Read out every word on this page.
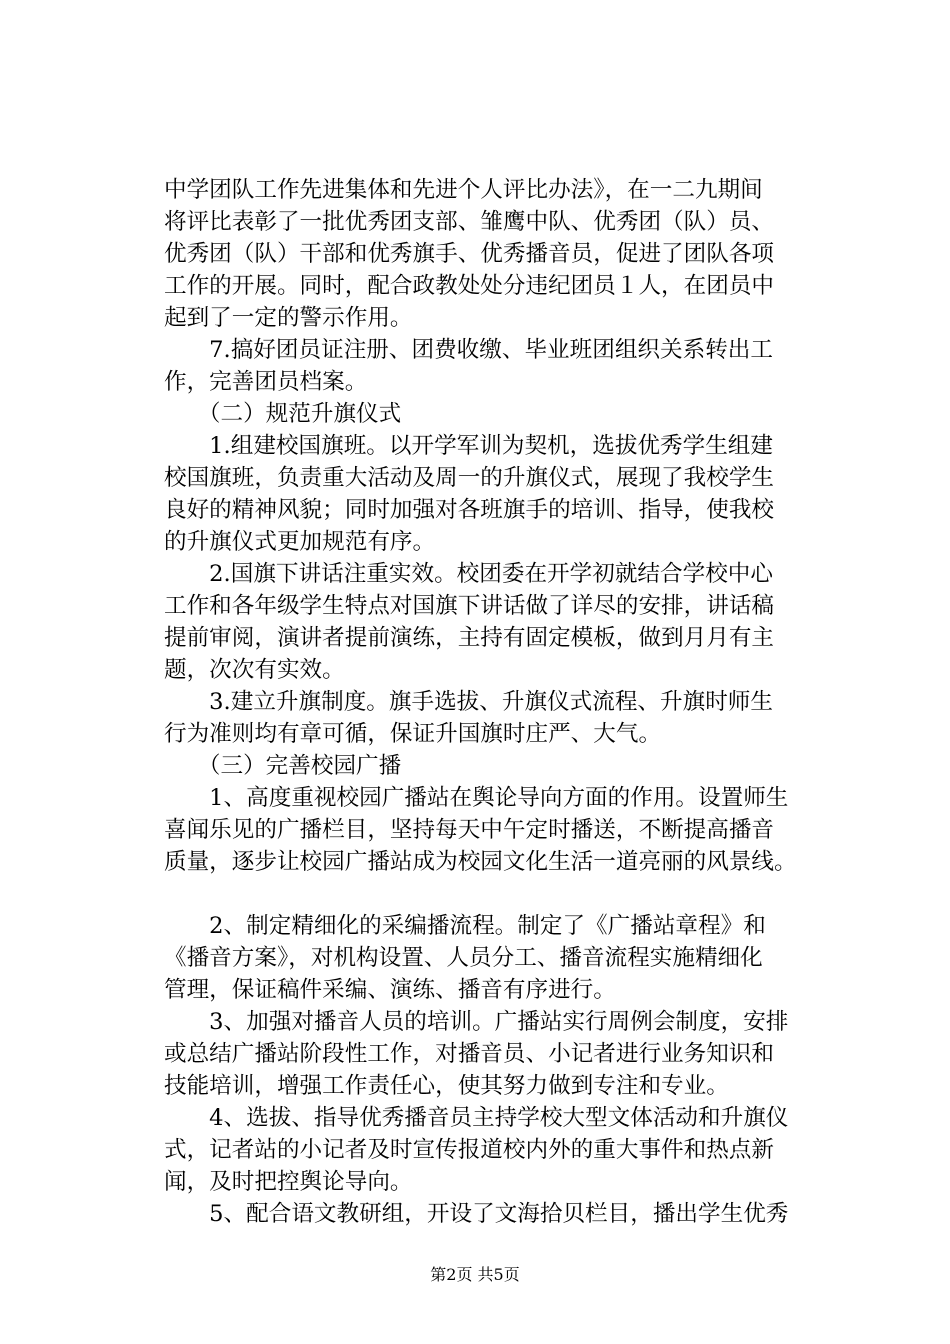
中学团队工作先进集体和先进个人评比办法》，在一二九期间
将评比表彰了一批优秀团支部、雏鹰中队、优秀团（队）员、
优秀团（队）干部和优秀旗手、优秀播音员，促进了团队各项
工作的开展。同时，配合政教处处分违纪团员１人，在团员中
起到了一定的警示作用。
　　7.搞好团员证注册、团费收缴、毕业班团组织关系转出工
作，完善团员档案。
　　（二）规范升旗仪式
　　1.组建校国旗班。以开学军训为契机，选拔优秀学生组建
校国旗班，负责重大活动及周一的升旗仪式，展现了我校学生
良好的精神风貌；同时加强对各班旗手的培训、指导，使我校
的升旗仪式更加规范有序。
　　2.国旗下讲话注重实效。校团委在开学初就结合学校中心
工作和各年级学生特点对国旗下讲话做了详尽的安排，讲话稿
提前审阅，演讲者提前演练，主持有固定模板，做到月月有主
题，次次有实效。
　　3.建立升旗制度。旗手选拔、升旗仪式流程、升旗时师生
行为准则均有章可循，保证升国旗时庄严、大气。
　　（三）完善校园广播
　　1、高度重视校园广播站在舆论导向方面的作用。设置师生
喜闻乐见的广播栏目，坚持每天中午定时播送，不断提高播音
质量，逐步让校园广播站成为校园文化生活一道亮丽的风景线。
　　2、制定精细化的采编播流程。制定了《广播站章程》和
《播音方案》，对机构设置、人员分工、播音流程实施精细化
管理，保证稿件采编、演练、播音有序进行。
　　3、加强对播音人员的培训。广播站实行周例会制度，安排
或总结广播站阶段性工作，对播音员、小记者进行业务知识和
技能培训，增强工作责任心，使其努力做到专注和专业。
　　4、选拔、指导优秀播音员主持学校大型文体活动和升旗仪
式，记者站的小记者及时宣传报道校内外的重大事件和热点新
闻，及时把控舆论导向。
　　5、配合语文教研组，开设了文海拾贝栏目，播出学生优秀
第2页 共5页
